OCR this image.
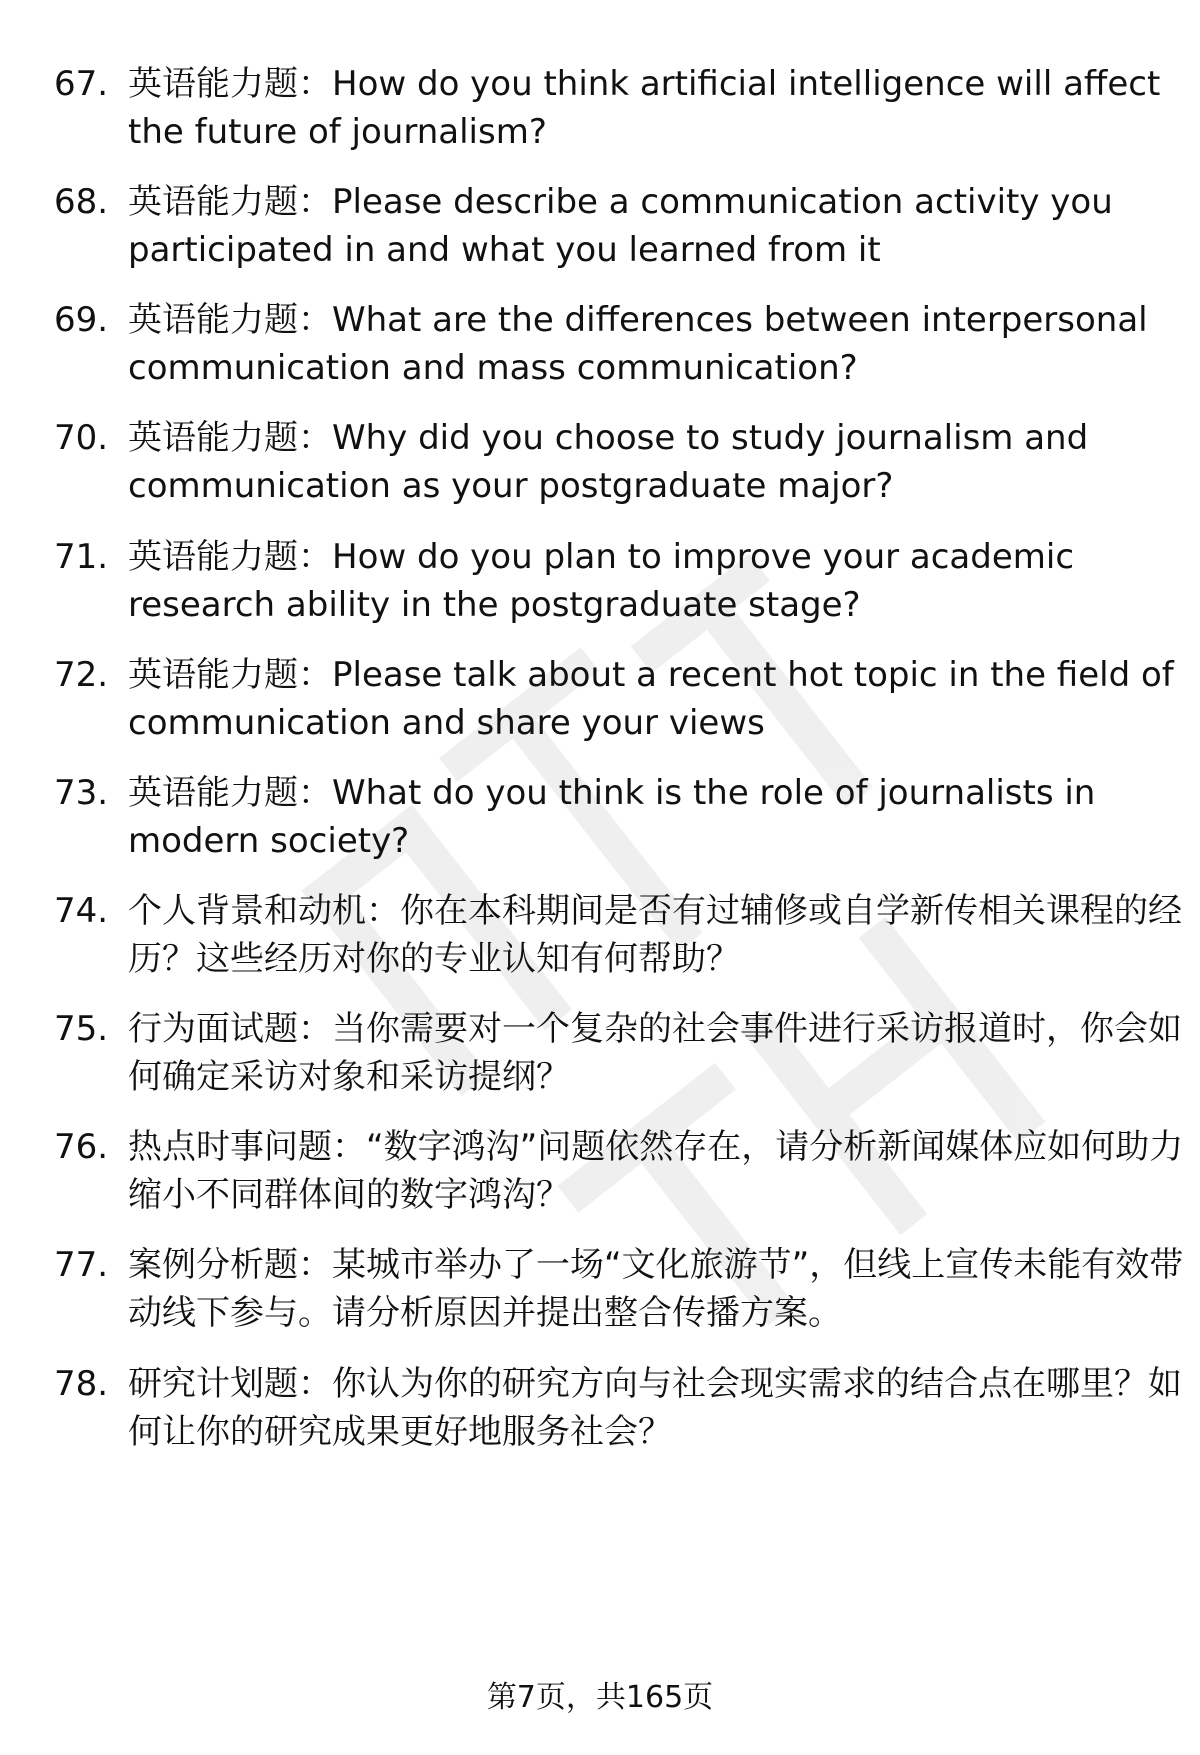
67. 英语能力题：How do you think artificial intelligence will affect the future of journalism?
68. 英语能力题：Please describe a communication activity you participated in and what you learned from it
69. 英语能力题：What are the differences between interpersonal communication and mass communication?
70. 英语能力题：Why did you choose to study journalism and communication as your postgraduate major?
71. 英语能力题：How do you plan to improve your academic research ability in the postgraduate stage?
72. 英语能力题：Please talk about a recent hot topic in the field of communication and share your views
73. 英语能力题：What do you think is the role of journalists in modern society?
74. 个人背景和动机：你在本科期间是否有过辅修或自学新传相关课程的经历？这些经历对你的专业认知有何帮助？
75. 行为面试题：当你需要对一个复杂的社会事件进行采访报道时，你会如何确定采访对象和采访提纲？
76. 热点时事问题：“数字鸿沟”问题依然存在，请分析新闻媒体应如何助力缩小不同群体间的数字鸿沟？
77. 案例分析题：某城市举办了一场“文化旅游节”，但线上宣传未能有效带动线下参与。请分析原因并提出整合传播方案。
78. 研究计划题：你认为你的研究方向与社会现实需求的结合点在哪里？如何让你的研究成果更好地服务社会？
第7页，共165页
